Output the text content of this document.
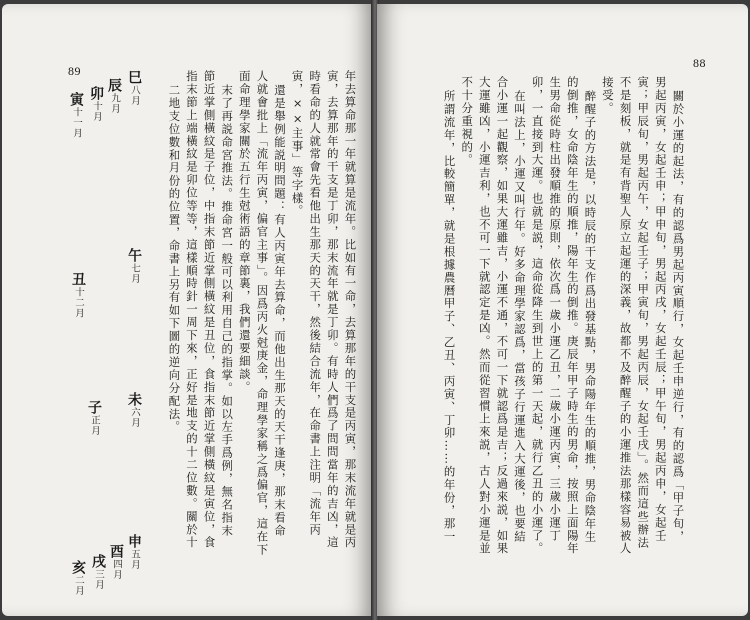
89	年去算命那一年就算是流年。比如有一命，去算那年的干支是丙寅，那末流年就是丙
寅，去算那年的干支是丁卯，那末流年就是丁卯。有時人們爲了問問當年的吉凶，這
時看命的人就常會先看他出生那天的天干，然後結合流年，在命書上注明「流年丙
寅，××主事」等字樣。
還是舉例能説明問題：有人丙寅年去算命，而他出生那天的天干逢庚，那末看命
人就會批上「流年丙寅，偏官主事」。因爲丙火尅庚金，命理學家稱之爲偏官，這在下
面命理學家關於五行生尅術語的章節裏，我們還要細談。
末了再説命宮推法。推命宮一般可以利用自己的指掌。如以左手爲例，無名指末
節近掌側橫紋是子位，中指末節近掌側橫紋是丑位，食指末節近掌側橫紋是寅位，食
指末節上端橫紋是卯位等等，這樣順時針一周下來，正好是地支的十二位數。關於十
二地支位數和月份的位置，命書上另有如下圖的逆向分配法。
巳八月
辰九月
卯十月
寅十一月
午七月
丑十二月
未六月
子正月
申五月
酉四月
戌三月
亥二月
88
關於小運的起法，有的認爲男起丙寅順行，女起壬申逆行，有的認爲「甲子旬，
男起丙寅，女起壬申；甲申旬，男起丙戌，女起壬辰；甲午旬，男起丙申，女起壬
寅；甲辰旬，男起丙午，女起壬子；甲寅旬，男起丙辰，女起壬戌」。然而這些辦法
不是刻板，就是有背聖人原立起運的深義，故都不及醉醒子的小運推法那樣容易被人
接受。
醉醒子的方法是，以時辰的干支作爲出發基點，男命陽年生的順推，男命陰年生
的倒推，女命陰年生的順推，陽年生的倒推。庚辰年甲子時生的男命，按照上面陽年
生男命從時柱出發順推的原則，依次爲一歲小運乙丑，二歲小運丙寅，三歲小運丁
卯，一直接到大運。也就是説，這命從降生到世上的第一天起，就行乙丑的小運了。
在叫法上，小運又叫行年。好多命理學家認爲，當孩子行運進入大運後，也要結
合小運一起觀察，如果大運雖吉，小運不通，不可一下就認爲是吉；反過來説，如果
大運雖凶，小運吉利，也不可一下就認定是凶。然而從習慣上來説，古人對小運是並
不十分重視的。
所謂流年，比較簡單，就是根據農曆甲子、乙丑、丙寅、丁卯……的年份，那一
